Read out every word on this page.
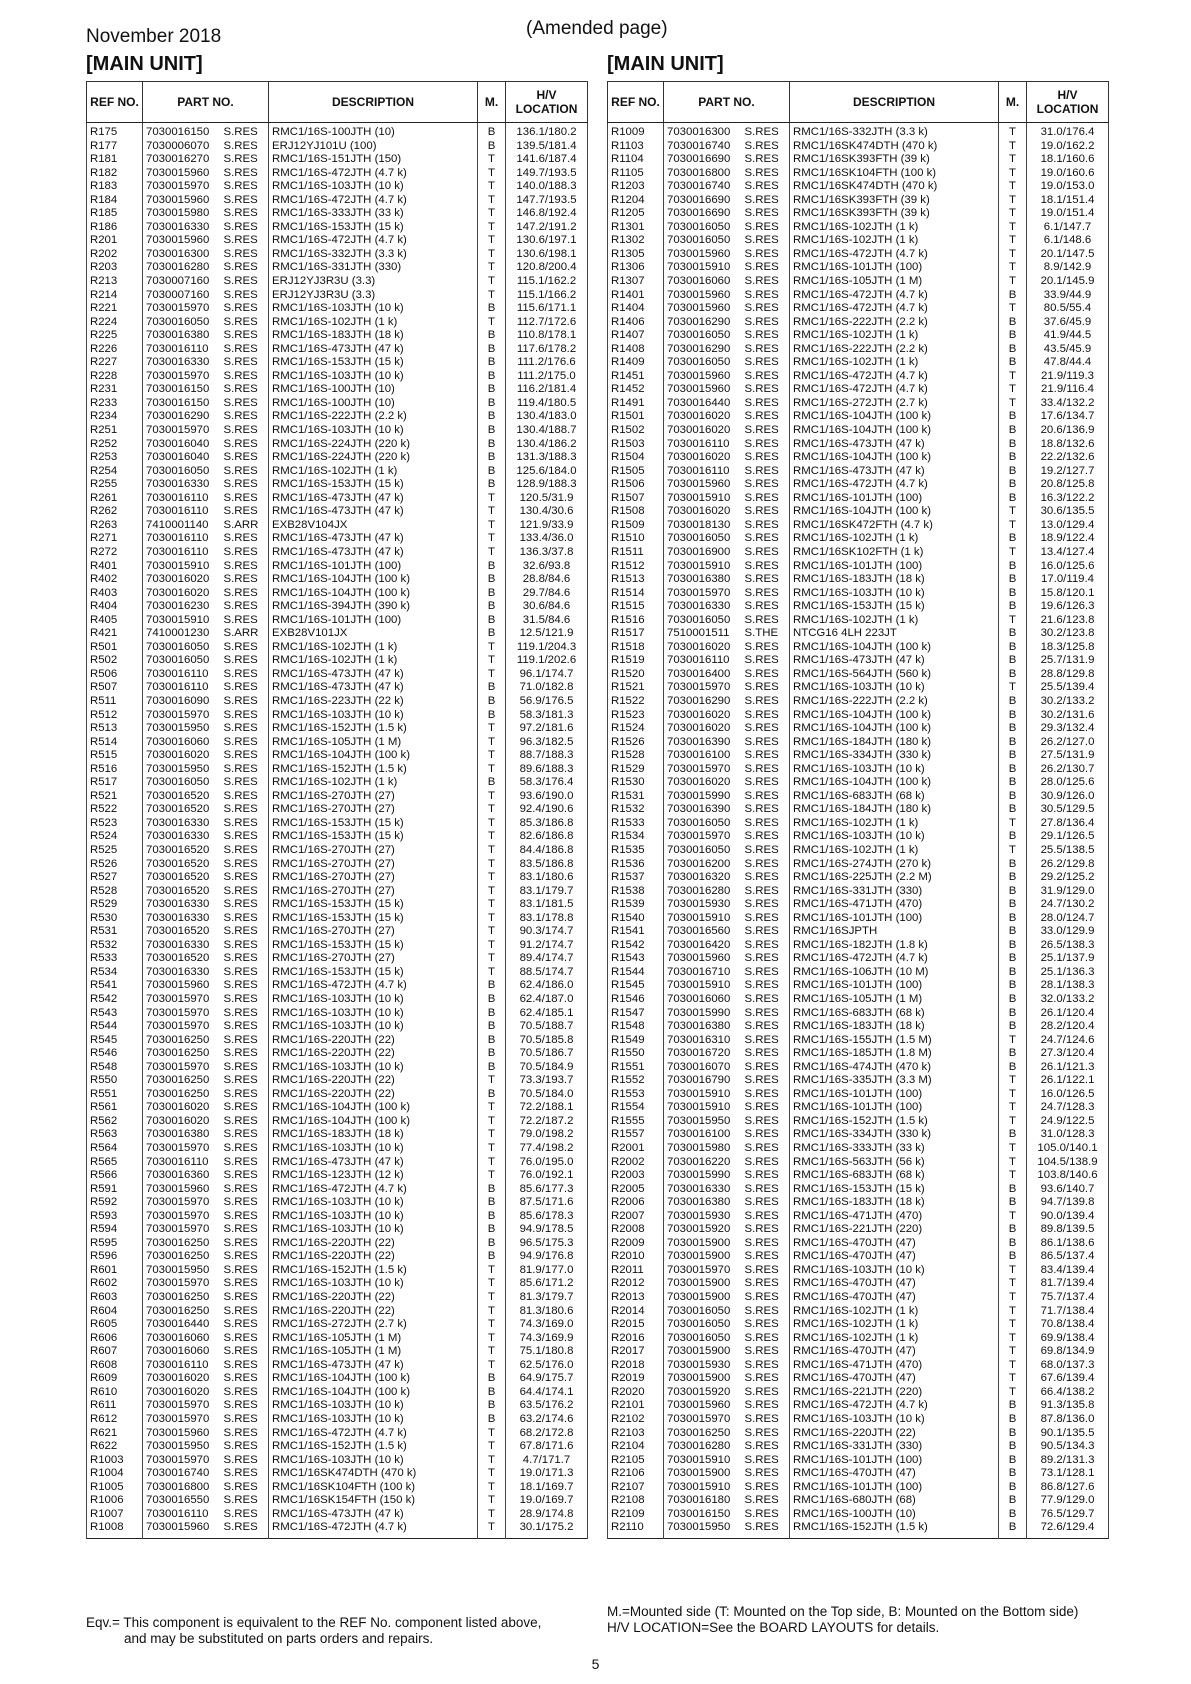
November 2018	(Amended page)
[MAIN UNIT]	[MAIN UNIT]
REF NO.	PART NO.		DESCRIPTION	M.	H/V LOCATION
R175	7030016150	S.RES	RMC1/16S-100JTH (10)	B	136.1/180.2
R177	7030006070	S.RES	ERJ12YJ101U (100)	B	139.5/181.4
R181	7030016270	S.RES	RMC1/16S-151JTH (150)	T	141.6/187.4
R182	7030015960	S.RES	RMC1/16S-472JTH (4.7 k)	T	149.7/193.5
R183	7030015970	S.RES	RMC1/16S-103JTH (10 k)	T	140.0/188.3
R184	7030015960	S.RES	RMC1/16S-472JTH (4.7 k)	T	147.7/193.5
R185	7030015980	S.RES	RMC1/16S-333JTH (33 k)	T	146.8/192.4
R186	7030016330	S.RES	RMC1/16S-153JTH (15 k)	T	147.2/191.2
R201	7030015960	S.RES	RMC1/16S-472JTH (4.7 k)	T	130.6/197.1
R202	7030016300	S.RES	RMC1/16S-332JTH (3.3 k)	T	130.6/198.1
R203	7030016280	S.RES	RMC1/16S-331JTH (330)	T	120.8/200.4
R213	7030007160	S.RES	ERJ12YJ3R3U (3.3)	T	115.1/162.2
R214	7030007160	S.RES	ERJ12YJ3R3U (3.3)	T	115.1/166.2
R221	7030015970	S.RES	RMC1/16S-103JTH (10 k)	B	115.6/171.1
R224	7030016050	S.RES	RMC1/16S-102JTH (1 k)	T	112.7/172.6
R225	7030016380	S.RES	RMC1/16S-183JTH (18 k)	B	110.8/178.1
R226	7030016110	S.RES	RMC1/16S-473JTH (47 k)	B	117.6/178.2
R227	7030016330	S.RES	RMC1/16S-153JTH (15 k)	B	111.2/176.6
R228	7030015970	S.RES	RMC1/16S-103JTH (10 k)	B	111.2/175.0
R231	7030016150	S.RES	RMC1/16S-100JTH (10)	B	116.2/181.4
R233	7030016150	S.RES	RMC1/16S-100JTH (10)	B	119.4/180.5
R234	7030016290	S.RES	RMC1/16S-222JTH (2.2 k)	B	130.4/183.0
R251	7030015970	S.RES	RMC1/16S-103JTH (10 k)	B	130.4/188.7
R252	7030016040	S.RES	RMC1/16S-224JTH (220 k)	B	130.4/186.2
R253	7030016040	S.RES	RMC1/16S-224JTH (220 k)	B	131.3/188.3
R254	7030016050	S.RES	RMC1/16S-102JTH (1 k)	B	125.6/184.0
R255	7030016330	S.RES	RMC1/16S-153JTH (15 k)	B	128.9/188.3
R261	7030016110	S.RES	RMC1/16S-473JTH (47 k)	T	120.5/31.9
R262	7030016110	S.RES	RMC1/16S-473JTH (47 k)	T	130.4/30.6
R263	7410001140	S.ARR	EXB28V104JX	T	121.9/33.9
R271	7030016110	S.RES	RMC1/16S-473JTH (47 k)	T	133.4/36.0
R272	7030016110	S.RES	RMC1/16S-473JTH (47 k)	T	136.3/37.8
R401	7030015910	S.RES	RMC1/16S-101JTH (100)	B	32.6/93.8
R402	7030016020	S.RES	RMC1/16S-104JTH (100 k)	B	28.8/84.6
R403	7030016020	S.RES	RMC1/16S-104JTH (100 k)	B	29.7/84.6
R404	7030016230	S.RES	RMC1/16S-394JTH (390 k)	B	30.6/84.6
R405	7030015910	S.RES	RMC1/16S-101JTH (100)	B	31.5/84.6
R421	7410001230	S.ARR	EXB28V101JX	B	12.5/121.9
R501	7030016050	S.RES	RMC1/16S-102JTH (1 k)	T	119.1/204.3
R502	7030016050	S.RES	RMC1/16S-102JTH (1 k)	T	119.1/202.6
R506	7030016110	S.RES	RMC1/16S-473JTH (47 k)	T	96.1/174.7
R507	7030016110	S.RES	RMC1/16S-473JTH (47 k)	B	71.0/182.8
R511	7030016090	S.RES	RMC1/16S-223JTH (22 k)	B	56.9/176.5
R512	7030015970	S.RES	RMC1/16S-103JTH (10 k)	B	58.3/181.3
R513	7030015950	S.RES	RMC1/16S-152JTH (1.5 k)	T	97.2/181.6
R514	7030016060	S.RES	RMC1/16S-105JTH (1 M)	T	96.3/182.5
R515	7030016020	S.RES	RMC1/16S-104JTH (100 k)	T	88.7/188.3
R516	7030015950	S.RES	RMC1/16S-152JTH (1.5 k)	T	89.6/188.3
R517	7030016050	S.RES	RMC1/16S-102JTH (1 k)	B	58.3/176.4
R521	7030016520	S.RES	RMC1/16S-270JTH (27)	T	93.6/190.0
R522	7030016520	S.RES	RMC1/16S-270JTH (27)	T	92.4/190.6
R523	7030016330	S.RES	RMC1/16S-153JTH (15 k)	T	85.3/186.8
R524	7030016330	S.RES	RMC1/16S-153JTH (15 k)	T	82.6/186.8
R525	7030016520	S.RES	RMC1/16S-270JTH (27)	T	84.4/186.8
R526	7030016520	S.RES	RMC1/16S-270JTH (27)	T	83.5/186.8
R527	7030016520	S.RES	RMC1/16S-270JTH (27)	T	83.1/180.6
R528	7030016520	S.RES	RMC1/16S-270JTH (27)	T	83.1/179.7
R529	7030016330	S.RES	RMC1/16S-153JTH (15 k)	T	83.1/181.5
R530	7030016330	S.RES	RMC1/16S-153JTH (15 k)	T	83.1/178.8
R531	7030016520	S.RES	RMC1/16S-270JTH (27)	T	90.3/174.7
R532	7030016330	S.RES	RMC1/16S-153JTH (15 k)	T	91.2/174.7
R533	7030016520	S.RES	RMC1/16S-270JTH (27)	T	89.4/174.7
R534	7030016330	S.RES	RMC1/16S-153JTH (15 k)	T	88.5/174.7
R541	7030015960	S.RES	RMC1/16S-472JTH (4.7 k)	B	62.4/186.0
R542	7030015970	S.RES	RMC1/16S-103JTH (10 k)	B	62.4/187.0
R543	7030015970	S.RES	RMC1/16S-103JTH (10 k)	B	62.4/185.1
R544	7030015970	S.RES	RMC1/16S-103JTH (10 k)	B	70.5/188.7
R545	7030016250	S.RES	RMC1/16S-220JTH (22)	B	70.5/185.8
R546	7030016250	S.RES	RMC1/16S-220JTH (22)	B	70.5/186.7
R548	7030015970	S.RES	RMC1/16S-103JTH (10 k)	B	70.5/184.9
R550	7030016250	S.RES	RMC1/16S-220JTH (22)	T	73.3/193.7
R551	7030016250	S.RES	RMC1/16S-220JTH (22)	B	70.5/184.0
R561	7030016020	S.RES	RMC1/16S-104JTH (100 k)	T	72.2/188.1
R562	7030016020	S.RES	RMC1/16S-104JTH (100 k)	T	72.2/187.2
R563	7030016380	S.RES	RMC1/16S-183JTH (18 k)	T	79.0/198.2
R564	7030015970	S.RES	RMC1/16S-103JTH (10 k)	T	77.4/198.2
R565	7030016110	S.RES	RMC1/16S-473JTH (47 k)	T	76.0/195.0
R566	7030016360	S.RES	RMC1/16S-123JTH (12 k)	T	76.0/192.1
R591	7030015960	S.RES	RMC1/16S-472JTH (4.7 k)	B	85.6/177.3
R592	7030015970	S.RES	RMC1/16S-103JTH (10 k)	B	87.5/171.6
R593	7030015970	S.RES	RMC1/16S-103JTH (10 k)	B	85.6/178.3
R594	7030015970	S.RES	RMC1/16S-103JTH (10 k)	B	94.9/178.5
R595	7030016250	S.RES	RMC1/16S-220JTH (22)	B	96.5/175.3
R596	7030016250	S.RES	RMC1/16S-220JTH (22)	B	94.9/176.8
R601	7030015950	S.RES	RMC1/16S-152JTH (1.5 k)	T	81.9/177.0
R602	7030015970	S.RES	RMC1/16S-103JTH (10 k)	T	85.6/171.2
R603	7030016250	S.RES	RMC1/16S-220JTH (22)	T	81.3/179.7
R604	7030016250	S.RES	RMC1/16S-220JTH (22)	T	81.3/180.6
R605	7030016440	S.RES	RMC1/16S-272JTH (2.7 k)	T	74.3/169.0
R606	7030016060	S.RES	RMC1/16S-105JTH (1 M)	T	74.3/169.9
R607	7030016060	S.RES	RMC1/16S-105JTH (1 M)	T	75.1/180.8
R608	7030016110	S.RES	RMC1/16S-473JTH (47 k)	T	62.5/176.0
R609	7030016020	S.RES	RMC1/16S-104JTH (100 k)	B	64.9/175.7
R610	7030016020	S.RES	RMC1/16S-104JTH (100 k)	B	64.4/174.1
R611	7030015970	S.RES	RMC1/16S-103JTH (10 k)	B	63.5/176.2
R612	7030015970	S.RES	RMC1/16S-103JTH (10 k)	B	63.2/174.6
R621	7030015960	S.RES	RMC1/16S-472JTH (4.7 k)	T	68.2/172.8
R622	7030015950	S.RES	RMC1/16S-152JTH (1.5 k)	T	67.8/171.6
R1003	7030015970	S.RES	RMC1/16S-103JTH (10 k)	T	4.7/171.7
R1004	7030016740	S.RES	RMC1/16SK474DTH (470 k)	T	19.0/171.3
R1005	7030016800	S.RES	RMC1/16SK104FTH (100 k)	T	18.1/169.7
R1006	7030016550	S.RES	RMC1/16SK154FTH (150 k)	T	19.0/169.7
R1007	7030016110	S.RES	RMC1/16S-473JTH (47 k)	T	28.9/174.8
R1008	7030015960	S.RES	RMC1/16S-472JTH (4.7 k)	T	30.1/175.2
REF NO.	PART NO.		DESCRIPTION	M.	H/V LOCATION
R1009	7030016300	S.RES	RMC1/16S-332JTH (3.3 k)	T	31.0/176.4
R1103	7030016740	S.RES	RMC1/16SK474DTH (470 k)	T	19.0/162.2
R1104	7030016690	S.RES	RMC1/16SK393FTH (39 k)	T	18.1/160.6
R1105	7030016800	S.RES	RMC1/16SK104FTH (100 k)	T	19.0/160.6
R1203	7030016740	S.RES	RMC1/16SK474DTH (470 k)	T	19.0/153.0
R1204	7030016690	S.RES	RMC1/16SK393FTH (39 k)	T	18.1/151.4
R1205	7030016690	S.RES	RMC1/16SK393FTH (39 k)	T	19.0/151.4
R1301	7030016050	S.RES	RMC1/16S-102JTH (1 k)	T	6.1/147.7
R1302	7030016050	S.RES	RMC1/16S-102JTH (1 k)	T	6.1/148.6
R1305	7030015960	S.RES	RMC1/16S-472JTH (4.7 k)	T	20.1/147.5
R1306	7030015910	S.RES	RMC1/16S-101JTH (100)	T	8.9/142.9
R1307	7030016060	S.RES	RMC1/16S-105JTH (1 M)	T	20.1/145.9
R1401	7030015960	S.RES	RMC1/16S-472JTH (4.7 k)	B	33.9/44.9
R1404	7030015960	S.RES	RMC1/16S-472JTH (4.7 k)	T	80.5/55.4
R1406	7030016290	S.RES	RMC1/16S-222JTH (2.2 k)	B	37.6/45.9
R1407	7030016050	S.RES	RMC1/16S-102JTH (1 k)	B	41.9/44.5
R1408	7030016290	S.RES	RMC1/16S-222JTH (2.2 k)	B	43.5/45.9
R1409	7030016050	S.RES	RMC1/16S-102JTH (1 k)	B	47.8/44.4
R1451	7030015960	S.RES	RMC1/16S-472JTH (4.7 k)	T	21.9/119.3
R1452	7030015960	S.RES	RMC1/16S-472JTH (4.7 k)	T	21.9/116.4
R1491	7030016440	S.RES	RMC1/16S-272JTH (2.7 k)	T	33.4/132.2
R1501	7030016020	S.RES	RMC1/16S-104JTH (100 k)	B	17.6/134.7
R1502	7030016020	S.RES	RMC1/16S-104JTH (100 k)	B	20.6/136.9
R1503	7030016110	S.RES	RMC1/16S-473JTH (47 k)	B	18.8/132.6
R1504	7030016020	S.RES	RMC1/16S-104JTH (100 k)	B	22.2/132.6
R1505	7030016110	S.RES	RMC1/16S-473JTH (47 k)	B	19.2/127.7
R1506	7030015960	S.RES	RMC1/16S-472JTH (4.7 k)	B	20.8/125.8
R1507	7030015910	S.RES	RMC1/16S-101JTH (100)	B	16.3/122.2
R1508	7030016020	S.RES	RMC1/16S-104JTH (100 k)	T	30.6/135.5
R1509	7030018130	S.RES	RMC1/16SK472FTH (4.7 k)	T	13.0/129.4
R1510	7030016050	S.RES	RMC1/16S-102JTH (1 k)	B	18.9/122.4
R1511	7030016900	S.RES	RMC1/16SK102FTH (1 k)	T	13.4/127.4
R1512	7030015910	S.RES	RMC1/16S-101JTH (100)	B	16.0/125.6
R1513	7030016380	S.RES	RMC1/16S-183JTH (18 k)	B	17.0/119.4
R1514	7030015970	S.RES	RMC1/16S-103JTH (10 k)	B	15.8/120.1
R1515	7030016330	S.RES	RMC1/16S-153JTH (15 k)	B	19.6/126.3
R1516	7030016050	S.RES	RMC1/16S-102JTH (1 k)	T	21.6/123.8
R1517	7510001511	S.THE	NTCG16 4LH 223JT	B	30.2/123.8
R1518	7030016020	S.RES	RMC1/16S-104JTH (100 k)	B	18.3/125.8
R1519	7030016110	S.RES	RMC1/16S-473JTH (47 k)	B	25.7/131.9
R1520	7030016400	S.RES	RMC1/16S-564JTH (560 k)	B	28.8/129.8
R1521	7030015970	S.RES	RMC1/16S-103JTH (10 k)	T	25.5/139.4
R1522	7030016290	S.RES	RMC1/16S-222JTH (2.2 k)	B	30.2/133.2
R1523	7030016020	S.RES	RMC1/16S-104JTH (100 k)	B	30.2/131.6
R1524	7030016020	S.RES	RMC1/16S-104JTH (100 k)	B	29.3/132.4
R1526	7030016390	S.RES	RMC1/16S-184JTH (180 k)	B	26.2/127.0
R1528	7030016100	S.RES	RMC1/16S-334JTH (330 k)	B	27.5/131.9
R1529	7030015970	S.RES	RMC1/16S-103JTH (10 k)	B	26.2/130.7
R1530	7030016020	S.RES	RMC1/16S-104JTH (100 k)	B	28.0/125.6
R1531	7030015990	S.RES	RMC1/16S-683JTH (68 k)	B	30.9/126.0
R1532	7030016390	S.RES	RMC1/16S-184JTH (180 k)	B	30.5/129.5
R1533	7030016050	S.RES	RMC1/16S-102JTH (1 k)	T	27.8/136.4
R1534	7030015970	S.RES	RMC1/16S-103JTH (10 k)	B	29.1/126.5
R1535	7030016050	S.RES	RMC1/16S-102JTH (1 k)	T	25.5/138.5
R1536	7030016200	S.RES	RMC1/16S-274JTH (270 k)	B	26.2/129.8
R1537	7030016320	S.RES	RMC1/16S-225JTH (2.2 M)	B	29.2/125.2
R1538	7030016280	S.RES	RMC1/16S-331JTH (330)	B	31.9/129.0
R1539	7030015930	S.RES	RMC1/16S-471JTH (470)	B	24.7/130.2
R1540	7030015910	S.RES	RMC1/16S-101JTH (100)	B	28.0/124.7
R1541	7030016560	S.RES	RMC1/16SJPTH	B	33.0/129.9
R1542	7030016420	S.RES	RMC1/16S-182JTH (1.8 k)	B	26.5/138.3
R1543	7030015960	S.RES	RMC1/16S-472JTH (4.7 k)	B	25.1/137.9
R1544	7030016710	S.RES	RMC1/16S-106JTH (10 M)	B	25.1/136.3
R1545	7030015910	S.RES	RMC1/16S-101JTH (100)	B	28.1/138.3
R1546	7030016060	S.RES	RMC1/16S-105JTH (1 M)	B	32.0/133.2
R1547	7030015990	S.RES	RMC1/16S-683JTH (68 k)	B	26.1/120.4
R1548	7030016380	S.RES	RMC1/16S-183JTH (18 k)	B	28.2/120.4
R1549	7030016310	S.RES	RMC1/16S-155JTH (1.5 M)	T	24.7/124.6
R1550	7030016720	S.RES	RMC1/16S-185JTH (1.8 M)	B	27.3/120.4
R1551	7030016070	S.RES	RMC1/16S-474JTH (470 k)	B	26.1/121.3
R1552	7030016790	S.RES	RMC1/16S-335JTH (3.3 M)	T	26.1/122.1
R1553	7030015910	S.RES	RMC1/16S-101JTH (100)	T	16.0/126.5
R1554	7030015910	S.RES	RMC1/16S-101JTH (100)	T	24.7/128.3
R1555	7030015950	S.RES	RMC1/16S-152JTH (1.5 k)	T	24.9/122.5
R1557	7030016100	S.RES	RMC1/16S-334JTH (330 k)	B	31.0/128.3
R2001	7030015980	S.RES	RMC1/16S-333JTH (33 k)	T	105.0/140.1
R2002	7030016220	S.RES	RMC1/16S-563JTH (56 k)	T	104.5/138.9
R2003	7030015990	S.RES	RMC1/16S-683JTH (68 k)	T	103.8/140.6
R2005	7030016330	S.RES	RMC1/16S-153JTH (15 k)	B	93.6/140.7
R2006	7030016380	S.RES	RMC1/16S-183JTH (18 k)	B	94.7/139.8
R2007	7030015930	S.RES	RMC1/16S-471JTH (470)	T	90.0/139.4
R2008	7030015920	S.RES	RMC1/16S-221JTH (220)	B	89.8/139.5
R2009	7030015900	S.RES	RMC1/16S-470JTH (47)	B	86.1/138.6
R2010	7030015900	S.RES	RMC1/16S-470JTH (47)	B	86.5/137.4
R2011	7030015970	S.RES	RMC1/16S-103JTH (10 k)	T	83.4/139.4
R2012	7030015900	S.RES	RMC1/16S-470JTH (47)	T	81.7/139.4
R2013	7030015900	S.RES	RMC1/16S-470JTH (47)	T	75.7/137.4
R2014	7030016050	S.RES	RMC1/16S-102JTH (1 k)	T	71.7/138.4
R2015	7030016050	S.RES	RMC1/16S-102JTH (1 k)	T	70.8/138.4
R2016	7030016050	S.RES	RMC1/16S-102JTH (1 k)	T	69.9/138.4
R2017	7030015900	S.RES	RMC1/16S-470JTH (47)	T	69.8/134.9
R2018	7030015930	S.RES	RMC1/16S-471JTH (470)	T	68.0/137.3
R2019	7030015900	S.RES	RMC1/16S-470JTH (47)	T	67.6/139.4
R2020	7030015920	S.RES	RMC1/16S-221JTH (220)	T	66.4/138.2
R2101	7030015960	S.RES	RMC1/16S-472JTH (4.7 k)	B	91.3/135.8
R2102	7030015970	S.RES	RMC1/16S-103JTH (10 k)	B	87.8/136.0
R2103	7030016250	S.RES	RMC1/16S-220JTH (22)	B	90.1/135.5
R2104	7030016280	S.RES	RMC1/16S-331JTH (330)	B	90.5/134.3
R2105	7030015910	S.RES	RMC1/16S-101JTH (100)	B	89.2/131.3
R2106	7030015900	S.RES	RMC1/16S-470JTH (47)	B	73.1/128.1
R2107	7030015910	S.RES	RMC1/16S-101JTH (100)	B	86.8/127.6
R2108	7030016180	S.RES	RMC1/16S-680JTH (68)	B	77.9/129.0
R2109	7030016150	S.RES	RMC1/16S-100JTH (10)	B	76.5/129.7
R2110	7030015950	S.RES	RMC1/16S-152JTH (1.5 k)	B	72.6/129.4
Eqv.= This component is equivalent to the REF No. component listed above,
and may be substituted on parts orders and repairs.
M.=Mounted side (T: Mounted on the Top side, B: Mounted on the Bottom side)
H/V LOCATION=See the BOARD LAYOUTS for details.
5
